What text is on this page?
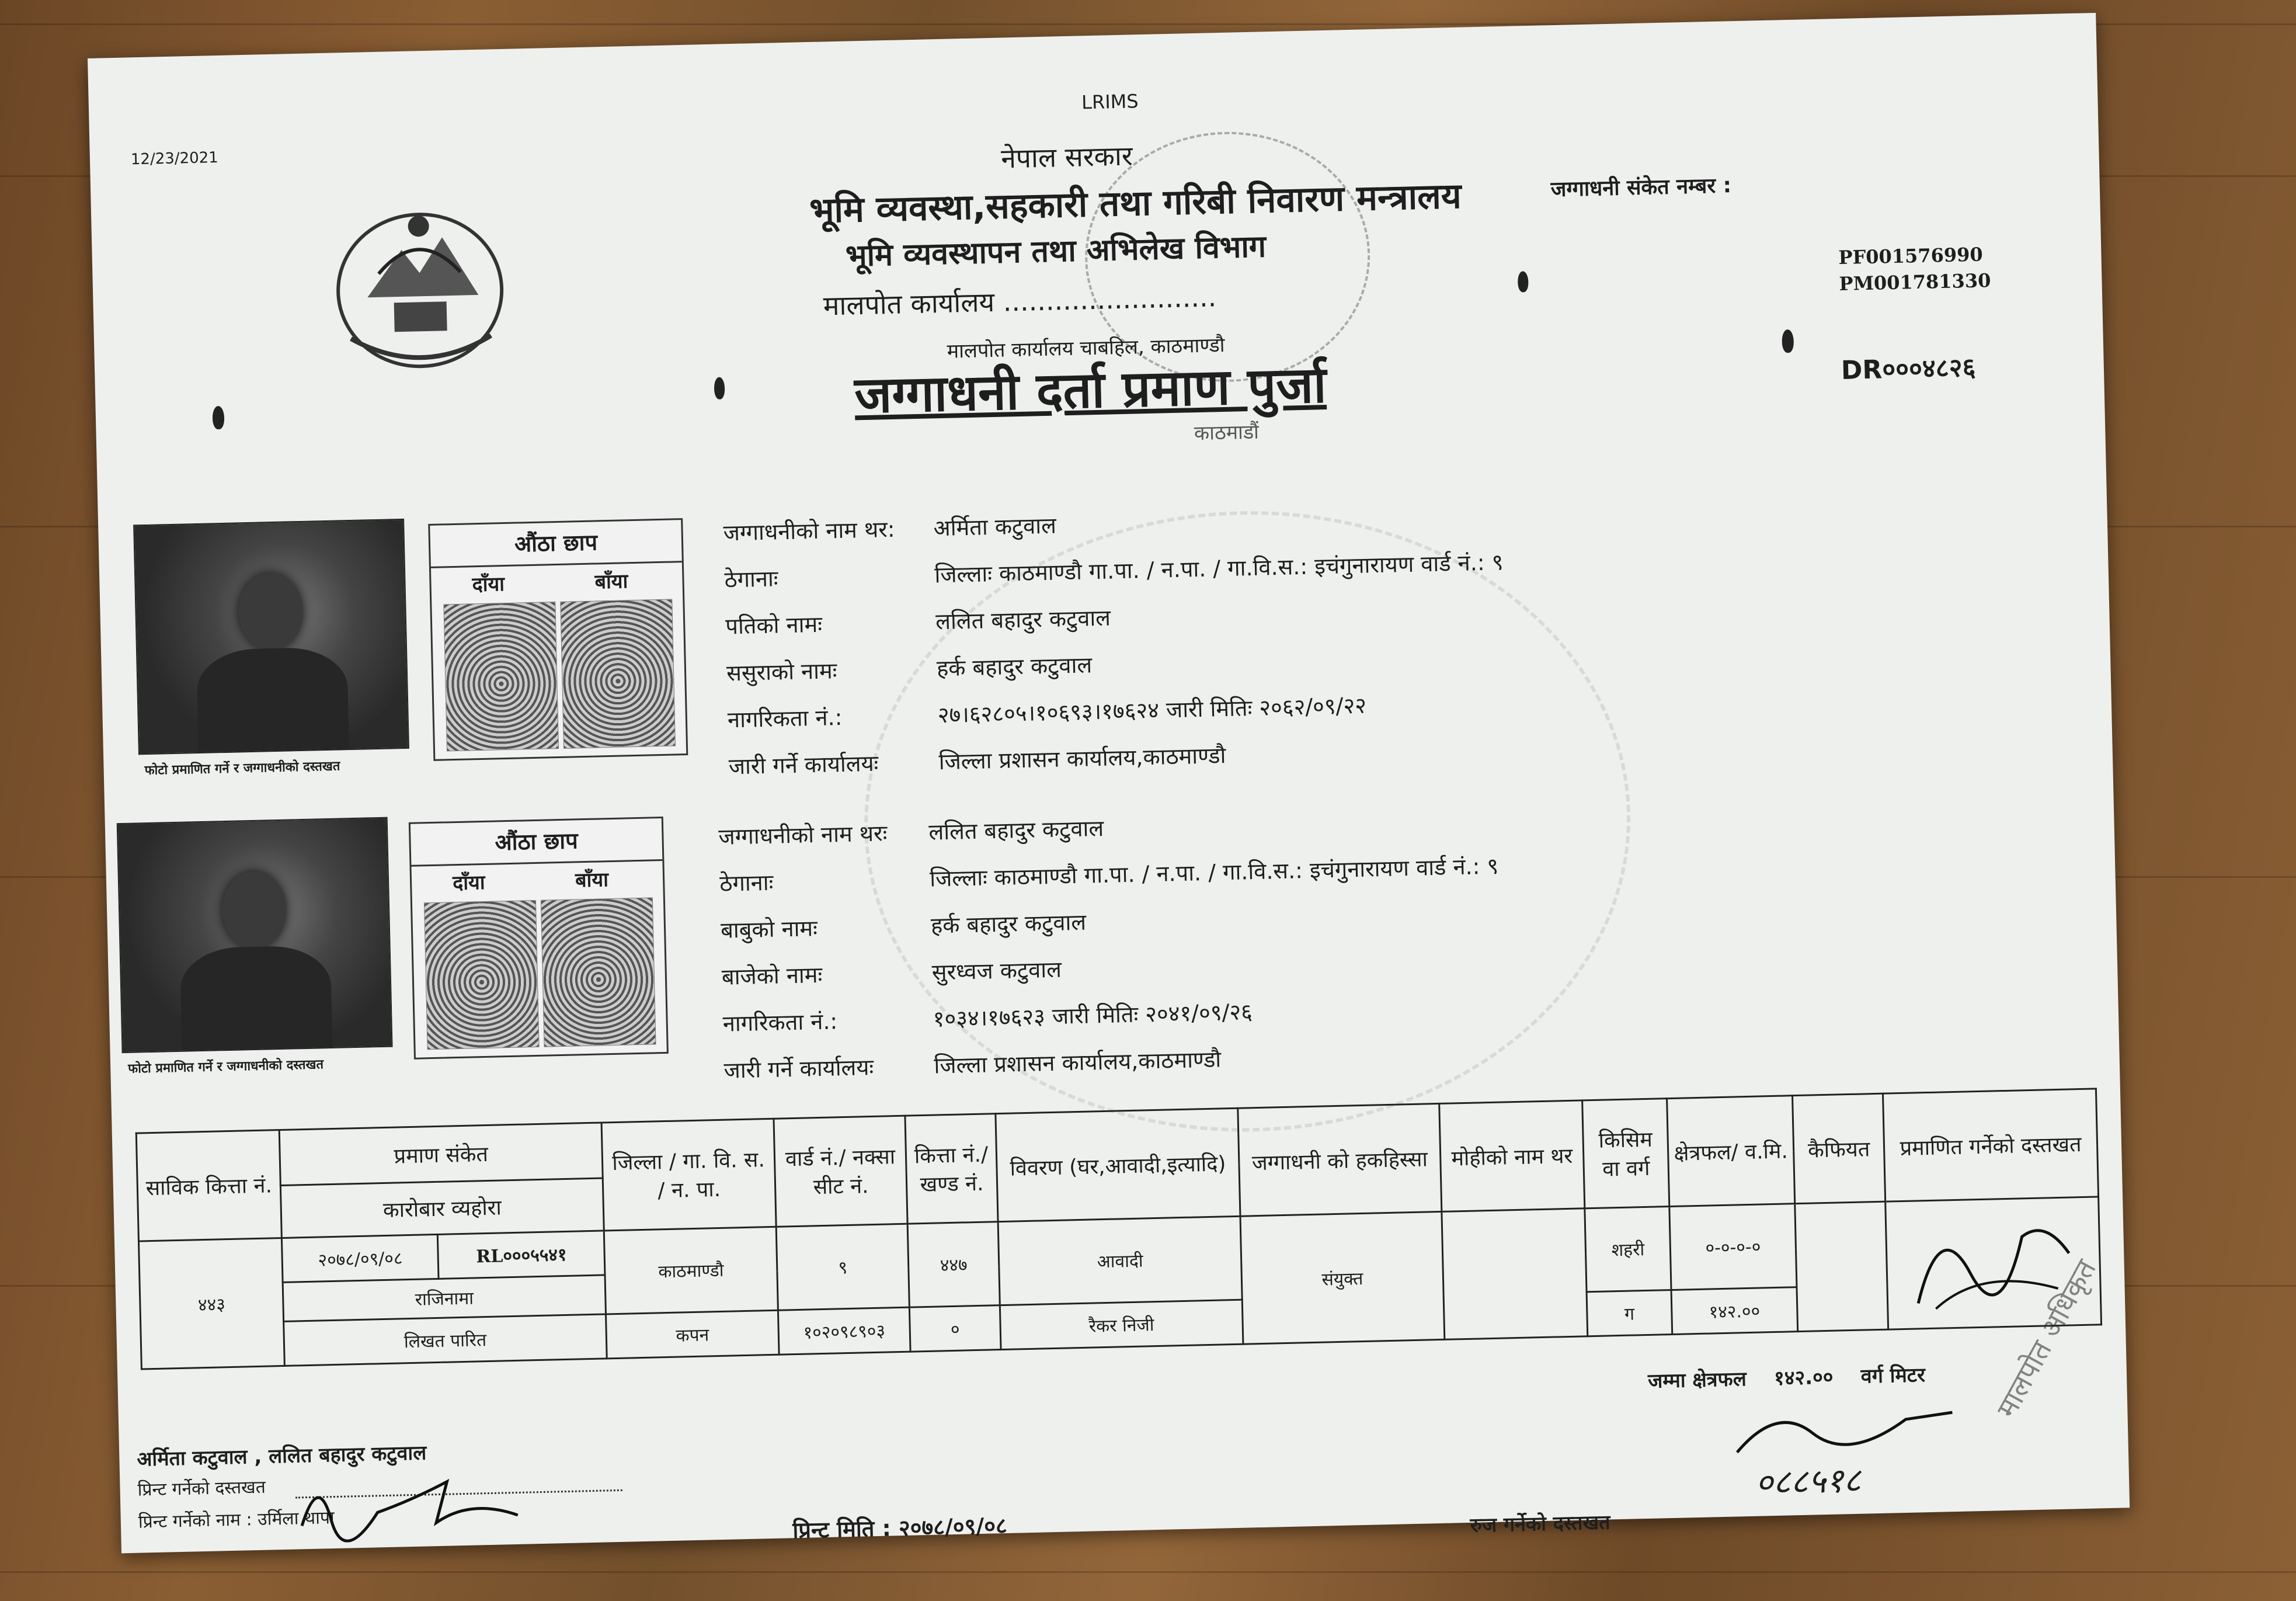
12/23/2021
LRIMS
नेपाल सरकार
भूमि व्यवस्था,सहकारी तथा गरिबी निवारण मन्त्रालय
भूमि व्यवस्थापन तथा अभिलेख विभाग
मालपोत कार्यालय .........................
मालपोत कार्यालय चाबहिल, काठमाण्डौ
जग्गाधनी दर्ता प्रमाण पुर्जा
काठमाडौं
जग्गाधनी संकेत नम्बर :
PF001576990
PM001781330
DR०००४८२६
फोटो प्रमाणित गर्ने र जग्गाधनीको दस्तखत
औंठा छाप
दाँया	बाँया
जग्गाधनीको नाम थर:	अर्मिता कटुवाल
ठेगानाः	जिल्लाः काठमाण्डौ गा.पा. / न.पा. / गा.वि.स.: इचंगुनारायण वार्ड नं.: ९
पतिको नामः	ललित बहादुर कटुवाल
ससुराको नामः	हर्क बहादुर कटुवाल
नागरिकता नं.:	२७।६२८०५।१०६९३।१७६२४ जारी मितिः २०६२/०९/२२
जारी गर्ने कार्यालयः	जिल्ला प्रशासन कार्यालय,काठमाण्डौ
फोटो प्रमाणित गर्ने र जग्गाधनीको दस्तखत
औंठा छाप
दाँया	बाँया
जग्गाधनीको नाम थरः	ललित बहादुर कटुवाल
ठेगानाः	जिल्लाः काठमाण्डौ गा.पा. / न.पा. / गा.वि.स.: इचंगुनारायण वार्ड नं.: ९
बाबुको नामः	हर्क बहादुर कटुवाल
बाजेको नामः	सुरध्वज कटुवाल
नागरिकता नं.:	१०३४।१७६२३ जारी मितिः २०४१/०९/२६
जारी गर्ने कार्यालयः	जिल्ला प्रशासन कार्यालय,काठमाण्डौ
साविक कित्ता नं.	प्रमाण संकेत		जिल्ला / गा. वि. स. / न. पा.	वार्ड नं./ नक्सा सीट नं.	कित्ता नं./ खण्ड नं.	विवरण (घर,आवादी,इत्यादि)	जग्गाधनी को हकहिस्सा	मोहीको नाम थर	किसिम वा वर्ग	क्षेत्रफल/ व.मि.	कैफियत	प्रमाणित गर्नेको दस्तखत
	कारोबार व्यहोरा											
४४३	२०७८/०९/०८	RL०००५५४१	काठमाण्डौ	९	४४७	आवादी	संयुक्त		शहरी	०-०-०-०		
	राजिनामा											
	लिखत पारित		कपन	१०२०९८९०३	०	रैकर निजी			ग	१४२.००		
जम्मा क्षेत्रफल १४२.०० वर्ग मिटर
अर्मिता कटुवाल , ललित बहादुर कटुवाल
प्रिन्ट गर्नेको दस्तखत
प्रिन्ट गर्नेको नाम : उर्मिला थापा	प्रिन्ट मिति : २०७८/०९/०८	रुज गर्नेको दस्तखत
०८८५१८
मालपोत अधिकृत
